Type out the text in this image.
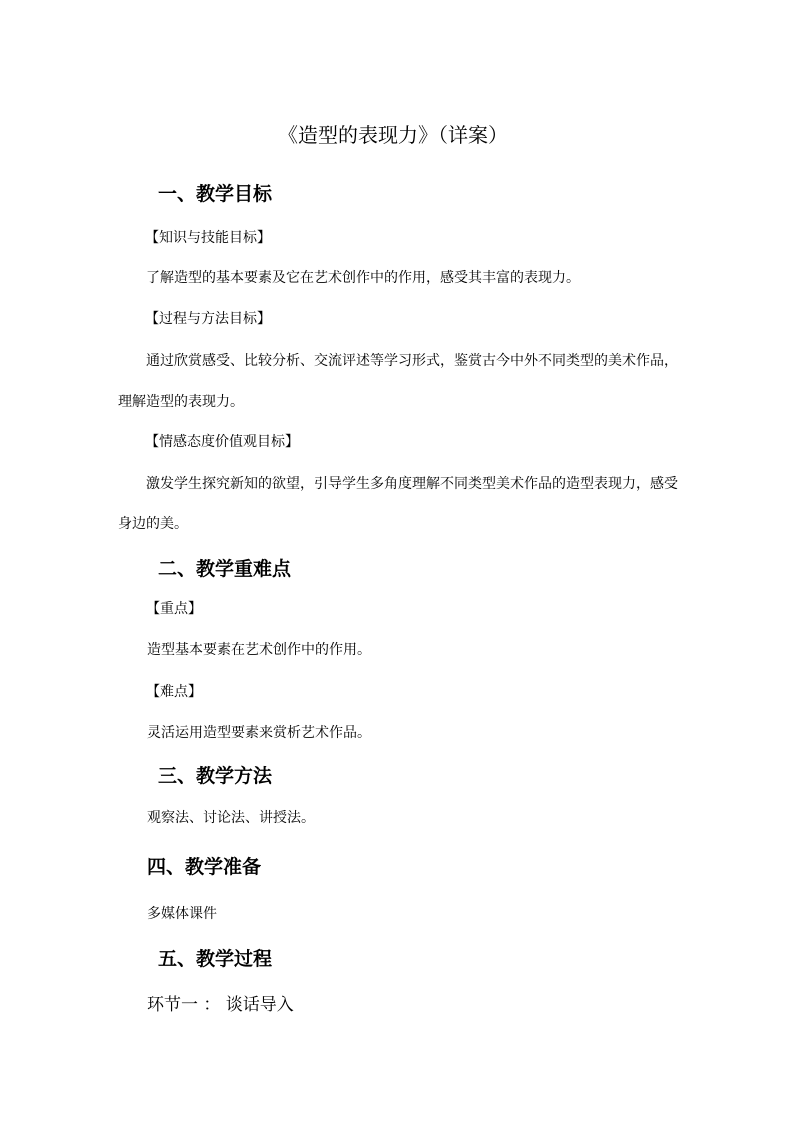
《造型的表现力》（详案）
一、教学目标
【知识与技能目标】

了解造型的基本要素及它在艺术创作中的作用，感受其丰富的表现力。

【过程与方法目标】

通过欣赏感受、比较分析、交流评述等学习形式，鉴赏古今中外不同类型的美术作品，

理解造型的表现力。

【情感态度价值观目标】

激发学生探究新知的欲望，引导学生多角度理解不同类型美术作品的造型表现力，感受

身边的美。

二、教学重难点
【重点】

造型基本要素在艺术创作中的作用。

【难点】

灵活运用造型要素来赏析艺术作品。

三、教学方法

观察法、讨论法、讲授法。

四、教学准备

多媒体课件

五、教学过程

环节一 ： 谈话导入
